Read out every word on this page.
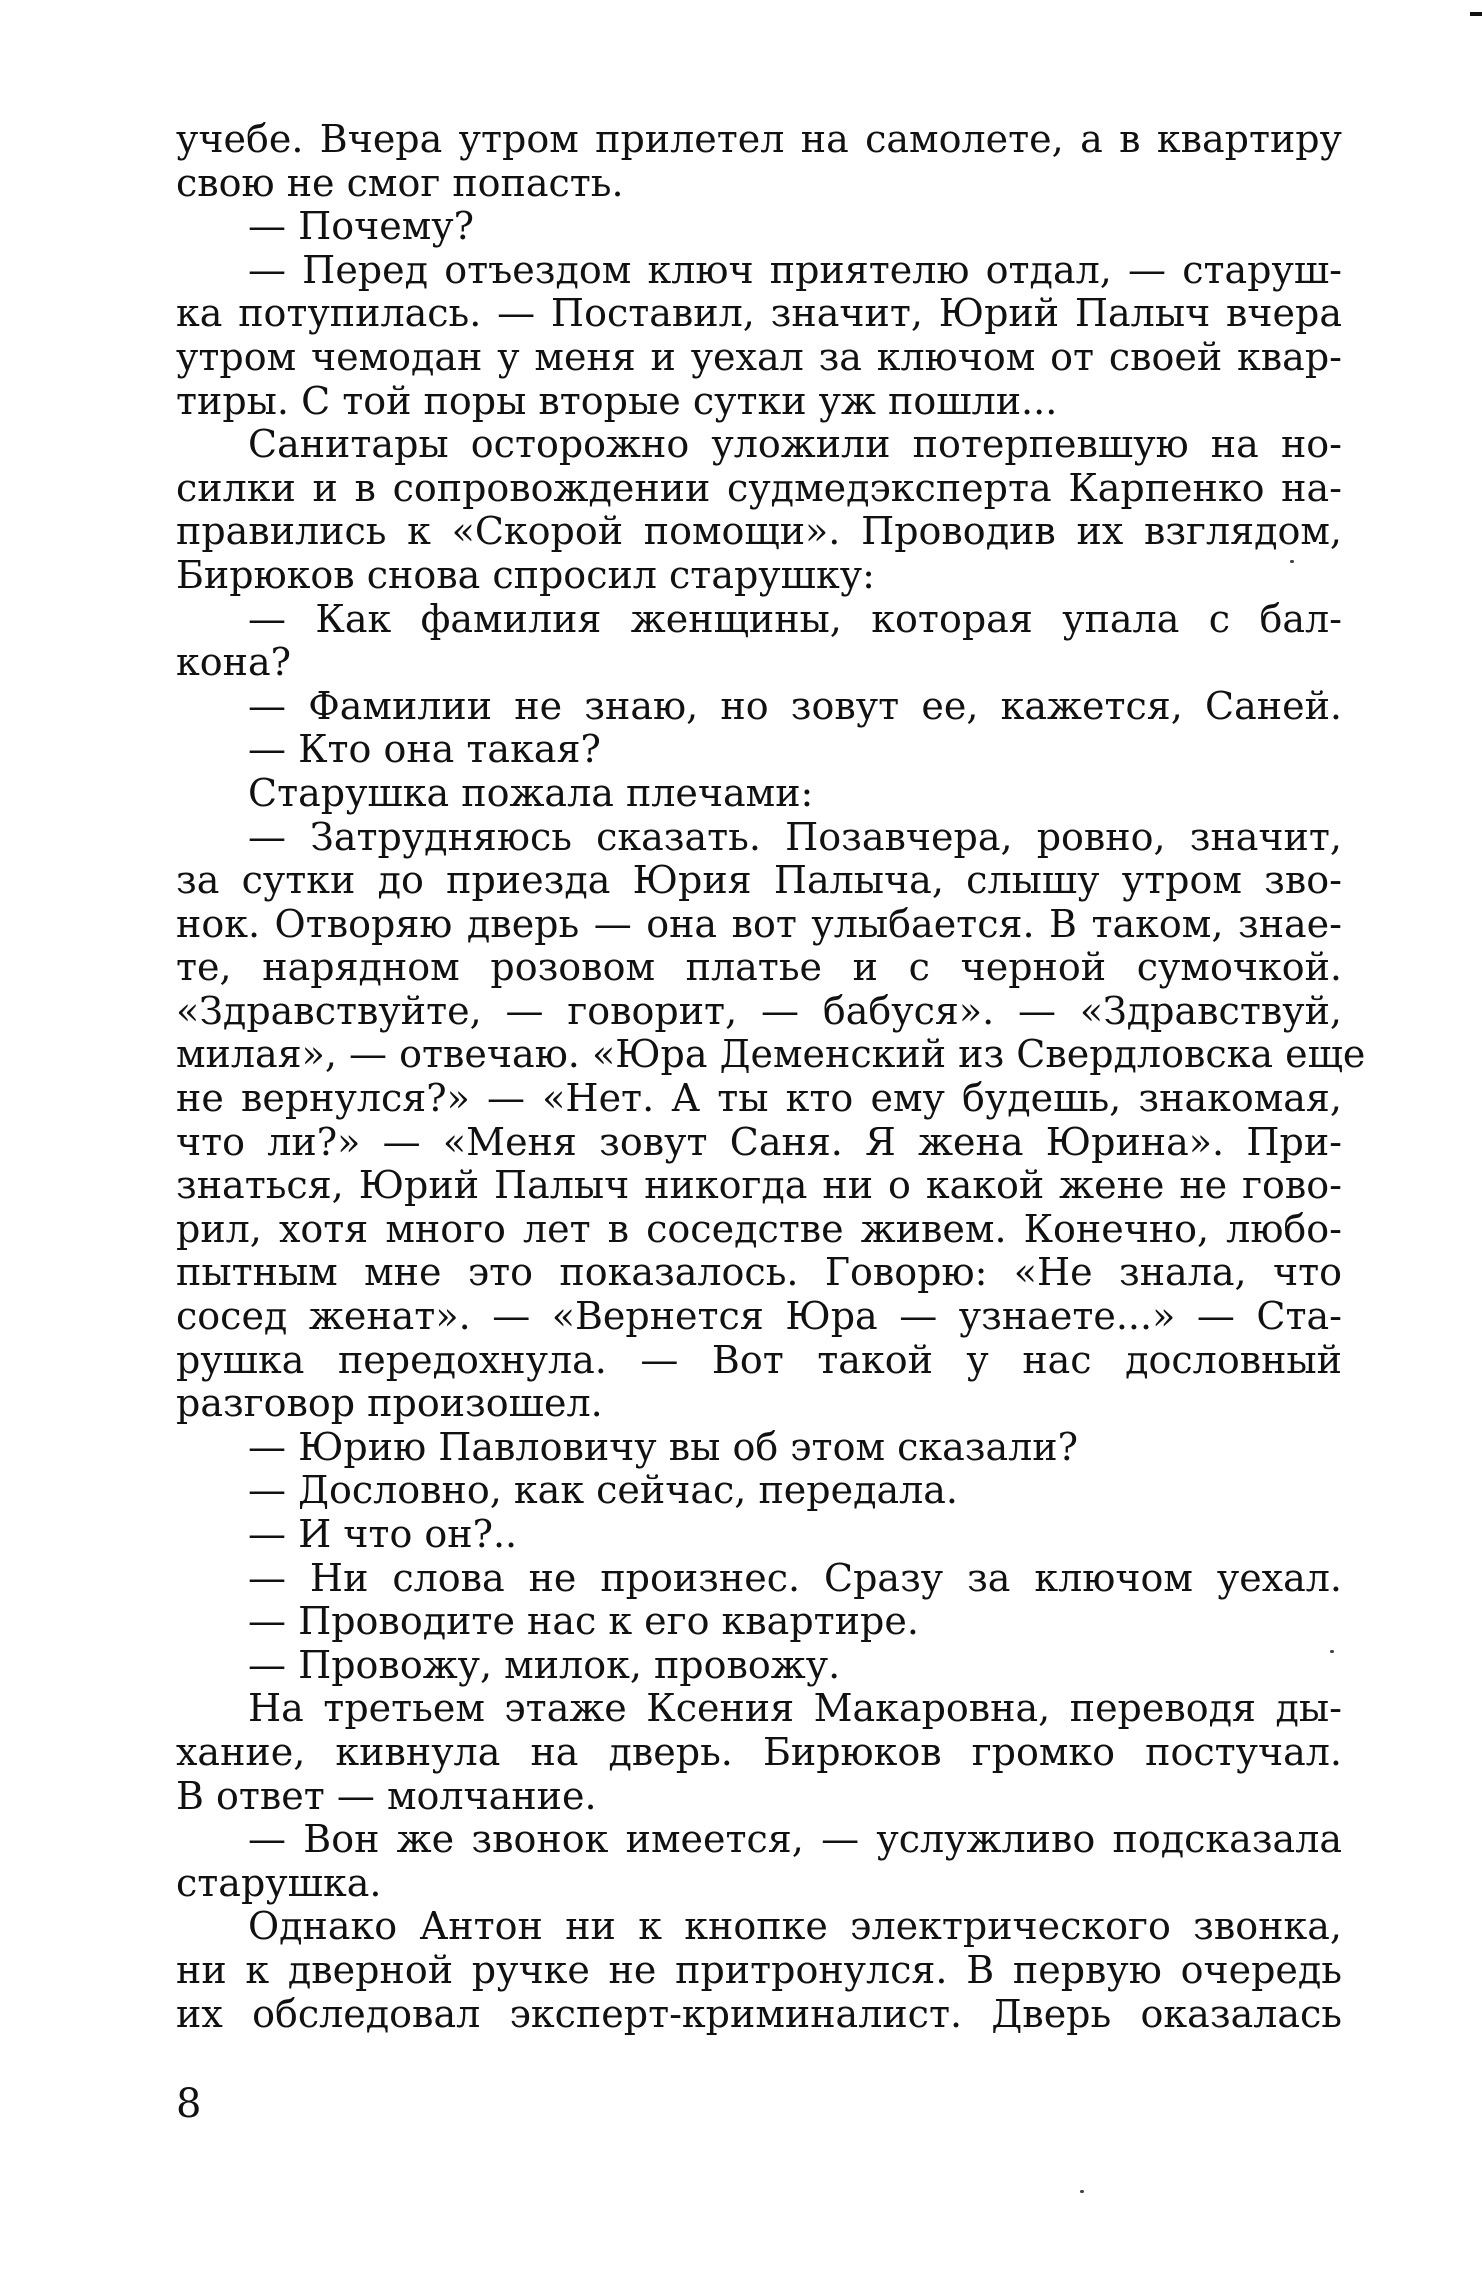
учебе. Вчера утром прилетел на самолете, а в квартиру
свою не смог попасть.
— Почему?
— Перед отъездом ключ приятелю отдал, — старуш-
ка потупилась. — Поставил, значит, Юрий Палыч вчера
утром чемодан у меня и уехал за ключом от своей квар-
тиры. С той поры вторые сутки уж пошли...
Санитары осторожно уложили потерпевшую на но-
силки и в сопровождении судмедэксперта Карпенко на-
правились к «Скорой помощи». Проводив их взглядом,
Бирюков снова спросил старушку:
— Как фамилия женщины, которая упала с бал-
кона?
— Фамилии не знаю, но зовут ее, кажется, Саней.
— Кто она такая?
Старушка пожала плечами:
— Затрудняюсь сказать. Позавчера, ровно, значит,
за сутки до приезда Юрия Палыча, слышу утром зво-
нок. Отворяю дверь — она вот улыбается. В таком, знае-
те, нарядном розовом платье и с черной сумочкой.
«Здравствуйте, — говорит, — бабуся». — «Здравствуй,
милая», — отвечаю. «Юра Деменский из Свердловска еще
не вернулся?» — «Нет. А ты кто ему будешь, знакомая,
что ли?» — «Меня зовут Саня. Я жена Юрина». При-
знаться, Юрий Палыч никогда ни о какой жене не гово-
рил, хотя много лет в соседстве живем. Конечно, любо-
пытным мне это показалось. Говорю: «Не знала, что
сосед женат». — «Вернется Юра — узнаете...» — Ста-
рушка передохнула. — Вот такой у нас дословный
разговор произошел.
— Юрию Павловичу вы об этом сказали?
— Дословно, как сейчас, передала.
— И что он?..
— Ни слова не произнес. Сразу за ключом уехал.
— Проводите нас к его квартире.
— Провожу, милок, провожу.
На третьем этаже Ксения Макаровна, переводя ды-
хание, кивнула на дверь. Бирюков громко постучал.
В ответ — молчание.
— Вон же звонок имеется, — услужливо подсказала
старушка.
Однако Антон ни к кнопке электрического звонка,
ни к дверной ручке не притронулся. В первую очередь
их обследовал эксперт-криминалист. Дверь оказалась
8
